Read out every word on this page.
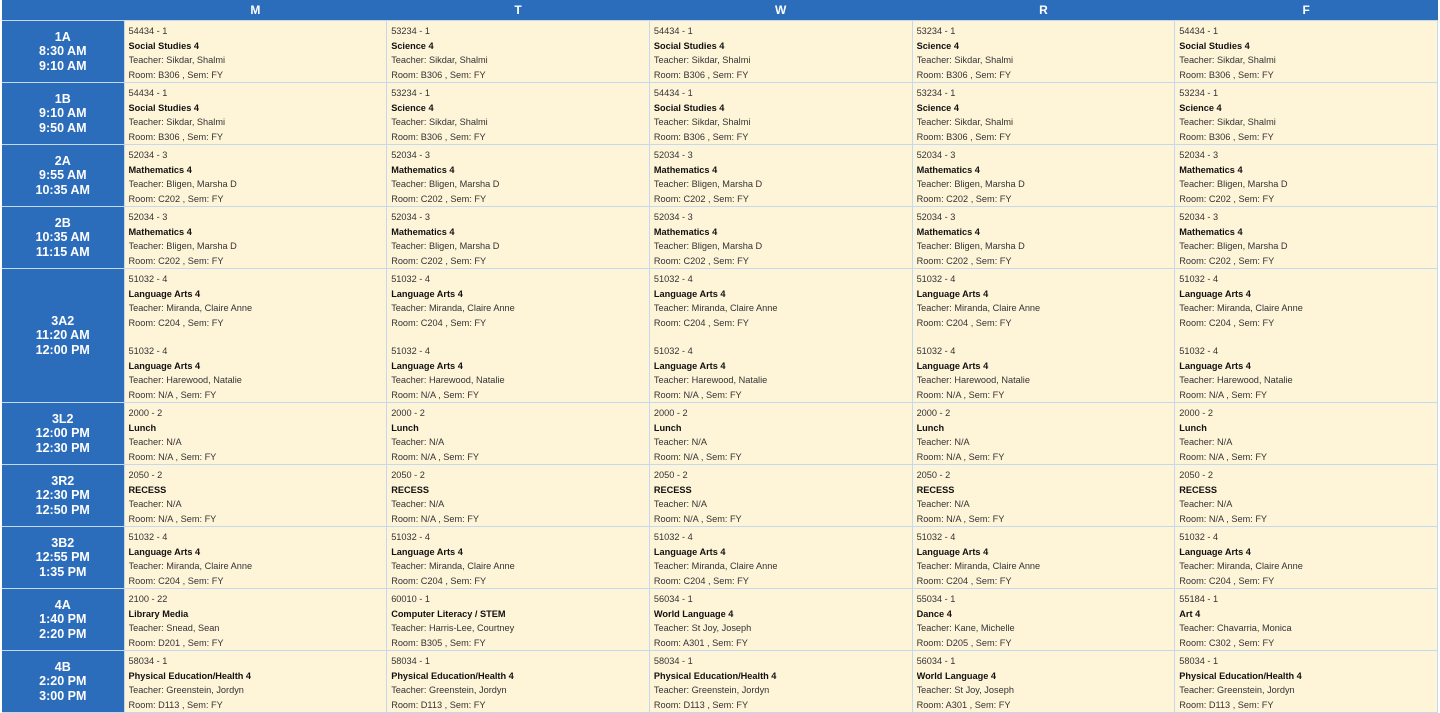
	M	T	W	R	F

1A
8:30 AM
9:10 AM

54434 - 1
Social Studies 4
Teacher: Sikdar, Shalmi
Room: B306 , Sem: FY

53234 - 1
Science 4
Teacher: Sikdar, Shalmi
Room: B306 , Sem: FY

54434 - 1
Social Studies 4
Teacher: Sikdar, Shalmi
Room: B306 , Sem: FY

53234 - 1
Science 4
Teacher: Sikdar, Shalmi
Room: B306 , Sem: FY

54434 - 1
Social Studies 4
Teacher: Sikdar, Shalmi
Room: B306 , Sem: FY

1B
9:10 AM
9:50 AM

54434 - 1
Social Studies 4
Teacher: Sikdar, Shalmi
Room: B306 , Sem: FY

53234 - 1
Science 4
Teacher: Sikdar, Shalmi
Room: B306 , Sem: FY

54434 - 1
Social Studies 4
Teacher: Sikdar, Shalmi
Room: B306 , Sem: FY

53234 - 1
Science 4
Teacher: Sikdar, Shalmi
Room: B306 , Sem: FY

53234 - 1
Science 4
Teacher: Sikdar, Shalmi
Room: B306 , Sem: FY

2A
9:55 AM
10:35 AM

52034 - 3
Mathematics 4
Teacher: Bligen, Marsha D
Room: C202 , Sem: FY

52034 - 3
Mathematics 4
Teacher: Bligen, Marsha D
Room: C202 , Sem: FY

52034 - 3
Mathematics 4
Teacher: Bligen, Marsha D
Room: C202 , Sem: FY

52034 - 3
Mathematics 4
Teacher: Bligen, Marsha D
Room: C202 , Sem: FY

52034 - 3
Mathematics 4
Teacher: Bligen, Marsha D
Room: C202 , Sem: FY

2B
10:35 AM
11:15 AM

52034 - 3
Mathematics 4
Teacher: Bligen, Marsha D
Room: C202 , Sem: FY

52034 - 3
Mathematics 4
Teacher: Bligen, Marsha D
Room: C202 , Sem: FY

52034 - 3
Mathematics 4
Teacher: Bligen, Marsha D
Room: C202 , Sem: FY

52034 - 3
Mathematics 4
Teacher: Bligen, Marsha D
Room: C202 , Sem: FY

52034 - 3
Mathematics 4
Teacher: Bligen, Marsha D
Room: C202 , Sem: FY

3A2
11:20 AM
12:00 PM

51032 - 4
Language Arts 4
Teacher: Miranda, Claire Anne
Room: C204 , Sem: FY
51032 - 4
Language Arts 4
Teacher: Harewood, Natalie
Room: N/A , Sem: FY

51032 - 4
Language Arts 4
Teacher: Miranda, Claire Anne
Room: C204 , Sem: FY
51032 - 4
Language Arts 4
Teacher: Harewood, Natalie
Room: N/A , Sem: FY

51032 - 4
Language Arts 4
Teacher: Miranda, Claire Anne
Room: C204 , Sem: FY
51032 - 4
Language Arts 4
Teacher: Harewood, Natalie
Room: N/A , Sem: FY

51032 - 4
Language Arts 4
Teacher: Miranda, Claire Anne
Room: C204 , Sem: FY
51032 - 4
Language Arts 4
Teacher: Harewood, Natalie
Room: N/A , Sem: FY

51032 - 4
Language Arts 4
Teacher: Miranda, Claire Anne
Room: C204 , Sem: FY
51032 - 4
Language Arts 4
Teacher: Harewood, Natalie
Room: N/A , Sem: FY

3L2
12:00 PM
12:30 PM

2000 - 2
Lunch
Teacher: N/A
Room: N/A , Sem: FY

2000 - 2
Lunch
Teacher: N/A
Room: N/A , Sem: FY

2000 - 2
Lunch
Teacher: N/A
Room: N/A , Sem: FY

2000 - 2
Lunch
Teacher: N/A
Room: N/A , Sem: FY

2000 - 2
Lunch
Teacher: N/A
Room: N/A , Sem: FY

3R2
12:30 PM
12:50 PM

2050 - 2
RECESS
Teacher: N/A
Room: N/A , Sem: FY

2050 - 2
RECESS
Teacher: N/A
Room: N/A , Sem: FY

2050 - 2
RECESS
Teacher: N/A
Room: N/A , Sem: FY

2050 - 2
RECESS
Teacher: N/A
Room: N/A , Sem: FY

2050 - 2
RECESS
Teacher: N/A
Room: N/A , Sem: FY

3B2
12:55 PM
1:35 PM

51032 - 4
Language Arts 4
Teacher: Miranda, Claire Anne
Room: C204 , Sem: FY

51032 - 4
Language Arts 4
Teacher: Miranda, Claire Anne
Room: C204 , Sem: FY

51032 - 4
Language Arts 4
Teacher: Miranda, Claire Anne
Room: C204 , Sem: FY

51032 - 4
Language Arts 4
Teacher: Miranda, Claire Anne
Room: C204 , Sem: FY

51032 - 4
Language Arts 4
Teacher: Miranda, Claire Anne
Room: C204 , Sem: FY

4A
1:40 PM
2:20 PM

2100 - 22
Library Media
Teacher: Snead, Sean
Room: D201 , Sem: FY

60010 - 1
Computer Literacy / STEM
Teacher: Harris-Lee, Courtney
Room: B305 , Sem: FY

56034 - 1
World Language 4
Teacher: St Joy, Joseph
Room: A301 , Sem: FY

55034 - 1
Dance 4
Teacher: Kane, Michelle
Room: D205 , Sem: FY

55184 - 1
Art 4
Teacher: Chavarria, Monica
Room: C302 , Sem: FY

4B
2:20 PM
3:00 PM

58034 - 1
Physical Education/Health 4
Teacher: Greenstein, Jordyn
Room: D113 , Sem: FY

58034 - 1
Physical Education/Health 4
Teacher: Greenstein, Jordyn
Room: D113 , Sem: FY

58034 - 1
Physical Education/Health 4
Teacher: Greenstein, Jordyn
Room: D113 , Sem: FY

56034 - 1
World Language 4
Teacher: St Joy, Joseph
Room: A301 , Sem: FY

58034 - 1
Physical Education/Health 4
Teacher: Greenstein, Jordyn
Room: D113 , Sem: FY
